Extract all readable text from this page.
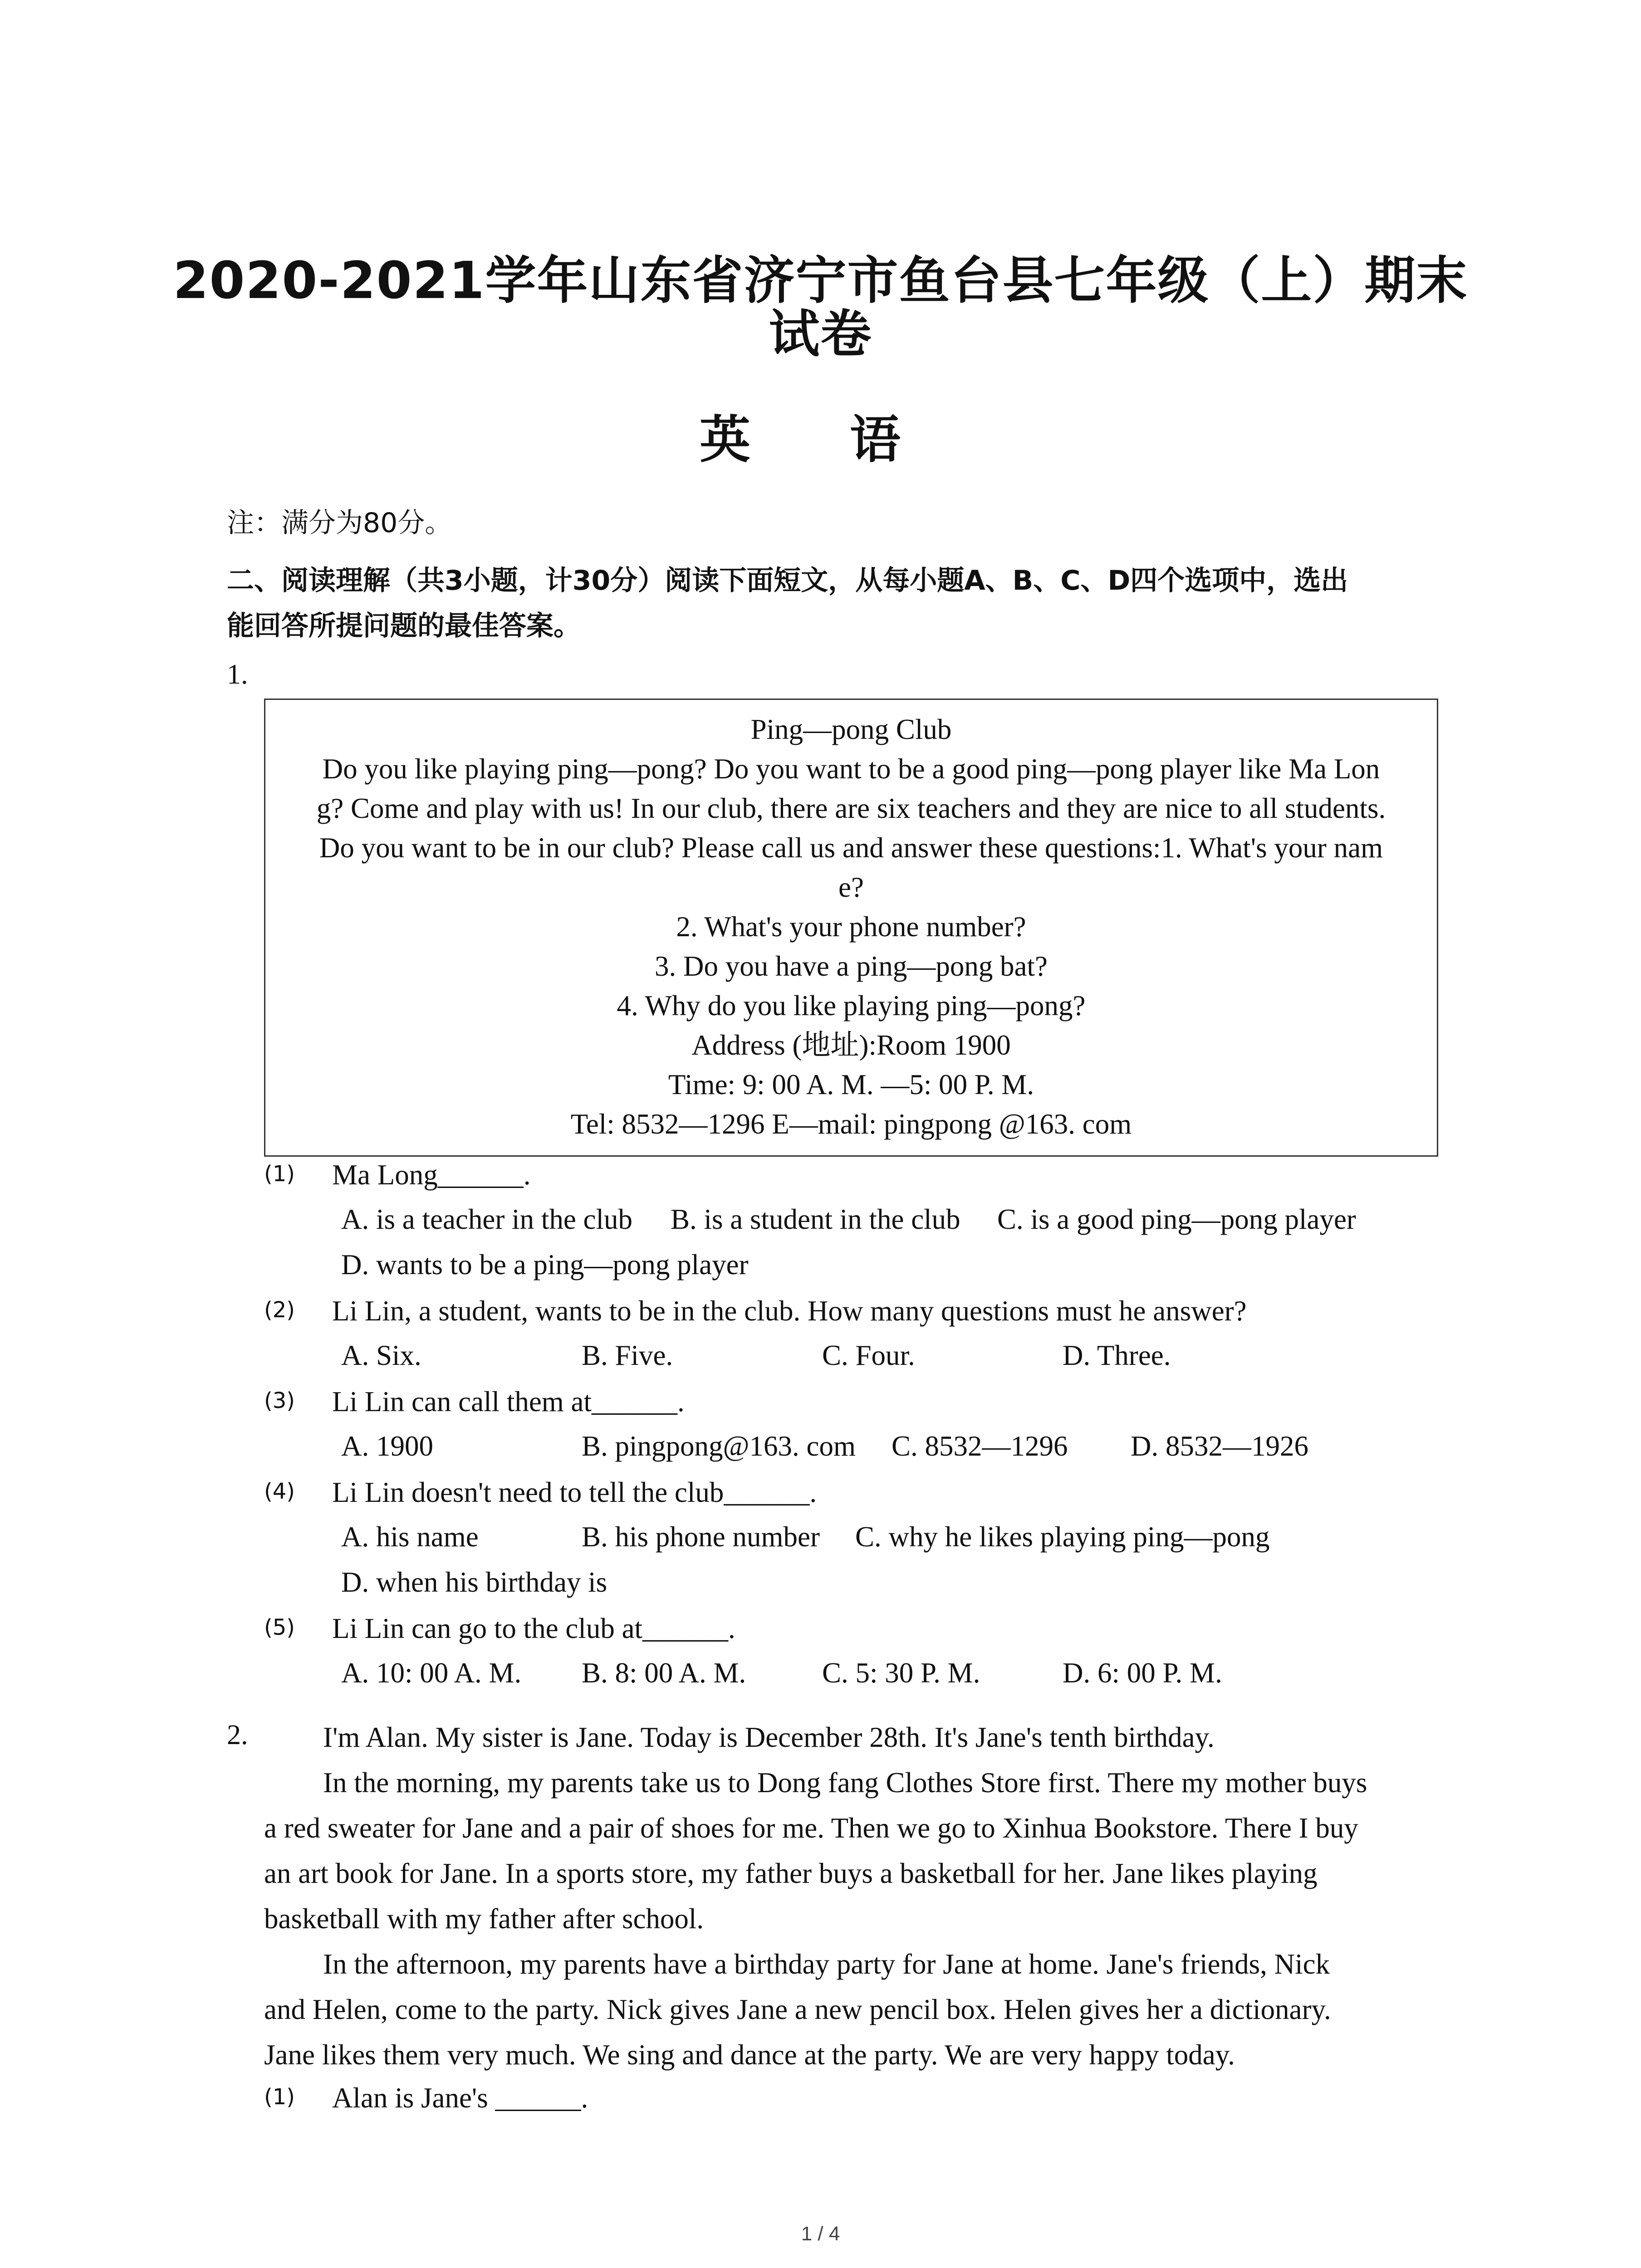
2020-2021学年山东省济宁市鱼台县七年级（上）期末
试卷
英 语
注：满分为80分。
二、阅读理解（共3小题，计30分）阅读下面短文，从每小题A、B、C、D四个选项中，选出
能回答所提问题的最佳答案。
1.
Ping—pong Club
Do you like playing ping—pong? Do you want to be a good ping—pong player like Ma Lon
g? Come and play with us! In our club, there are six teachers and they are nice to all students.
Do you want to be in our club? Please call us and answer these questions:1. What's your nam
e?
2. What's your phone number?
3. Do you have a ping—pong bat?
4. Why do you like playing ping—pong?
Address (地址):Room 1900
Time: 9: 00 A. M. —5: 00 P. M.
Tel: 8532—1296 E—mail: pingpong @163. com
(1) Ma Long______.
A. is a teacher in the club B. is a student in the club C. is a good ping—pong player
D. wants to be a ping—pong player
(2) Li Lin, a student, wants to be in the club. How many questions must he answer?
A. Six.	B. Five.	C. Four.	D. Three.
(3) Li Lin can call them at______.
A. 1900	B. pingpong@163. com C. 8532—1296 D. 8532—1926
(4) Li Lin doesn't need to tell the club______.
A. his name	B. his phone number C. why he likes playing ping—pong
D. when his birthday is
(5) Li Lin can go to the club at______.
A. 10: 00 A. M. B. 8: 00 A. M.	C. 5: 30 P. M.	D. 6: 00 P. M.
2.	I'm Alan. My sister is Jane. Today is December 28th. It's Jane's tenth birthday.
In the morning, my parents take us to Dong fang Clothes Store first. There my mother buys
a red sweater for Jane and a pair of shoes for me. Then we go to Xinhua Bookstore. There I buy
an art book for Jane. In a sports store, my father buys a basketball for her. Jane likes playing
basketball with my father after school.
In the afternoon, my parents have a birthday party for Jane at home. Jane's friends, Nick
and Helen, come to the party. Nick gives Jane a new pencil box. Helen gives her a dictionary.
Jane likes them very much. We sing and dance at the party. We are very happy today.
(1) Alan is Jane's ______.
1 / 4
